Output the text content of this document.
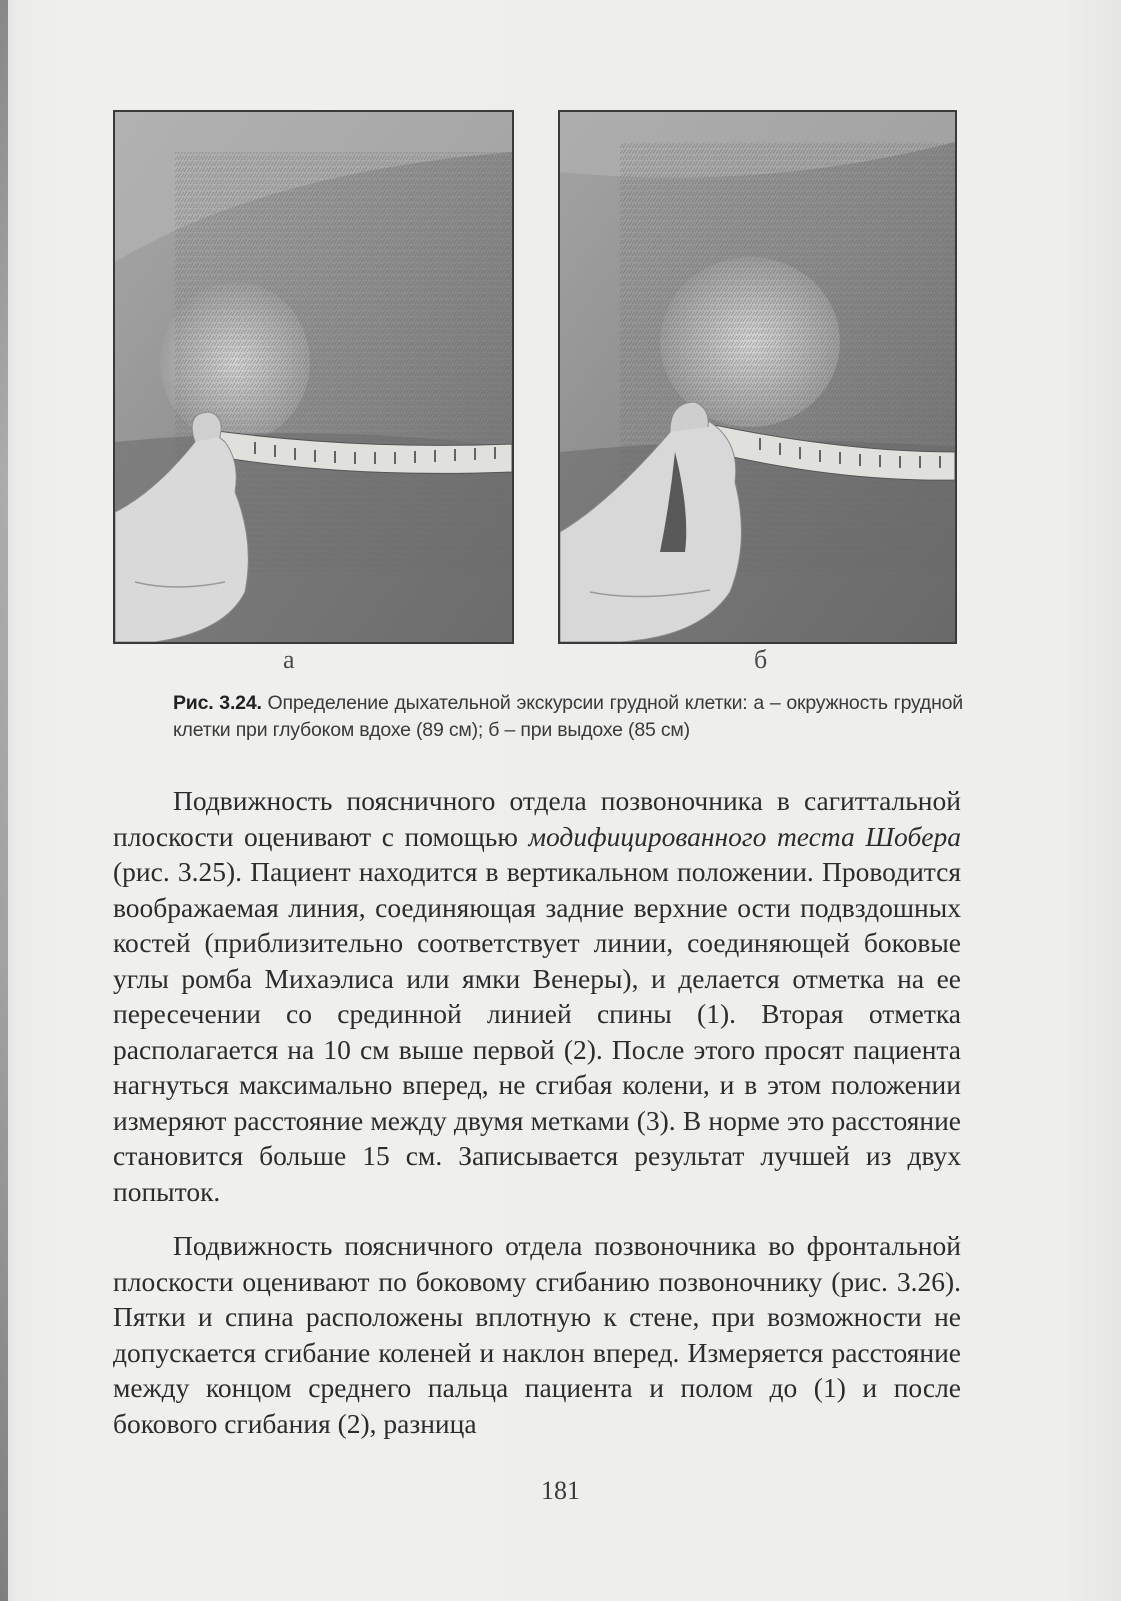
а	б
Рис. 3.24. Определение дыхательной экскурсии грудной клетки: а – окружность грудной клетки при глубоком вдохе (89 см); б – при выдохе (85 см)

Подвижность поясничного отдела позвоночника в сагиттальной плоскости оценивают с помощью модифицированного теста Шобера (рис. 3.25). Пациент находится в вертикальном положении. Проводится воображаемая линия, соединяющая задние верхние ости подвздошных костей (приблизительно соответствует линии, соединяющей боковые углы ромба Михаэлиса или ямки Венеры), и делается отметка на ее пересечении со срединной линией спины (1). Вторая отметка располагается на 10 см выше первой (2). После этого просят пациента нагнуться максимально вперед, не сгибая колени, и в этом положении измеряют расстояние между двумя метками (3). В норме это расстояние становится больше 15 см. Записывается результат лучшей из двух попыток.

Подвижность поясничного отдела позвоночника во фронтальной плоскости оценивают по боковому сгибанию позвоночнику (рис. 3.26). Пятки и спина расположены вплотную к стене, при возможности не допускается сгибание коленей и наклон вперед. Измеряется расстояние между концом среднего пальца пациента и полом до (1) и после бокового сгибания (2), разница

181
